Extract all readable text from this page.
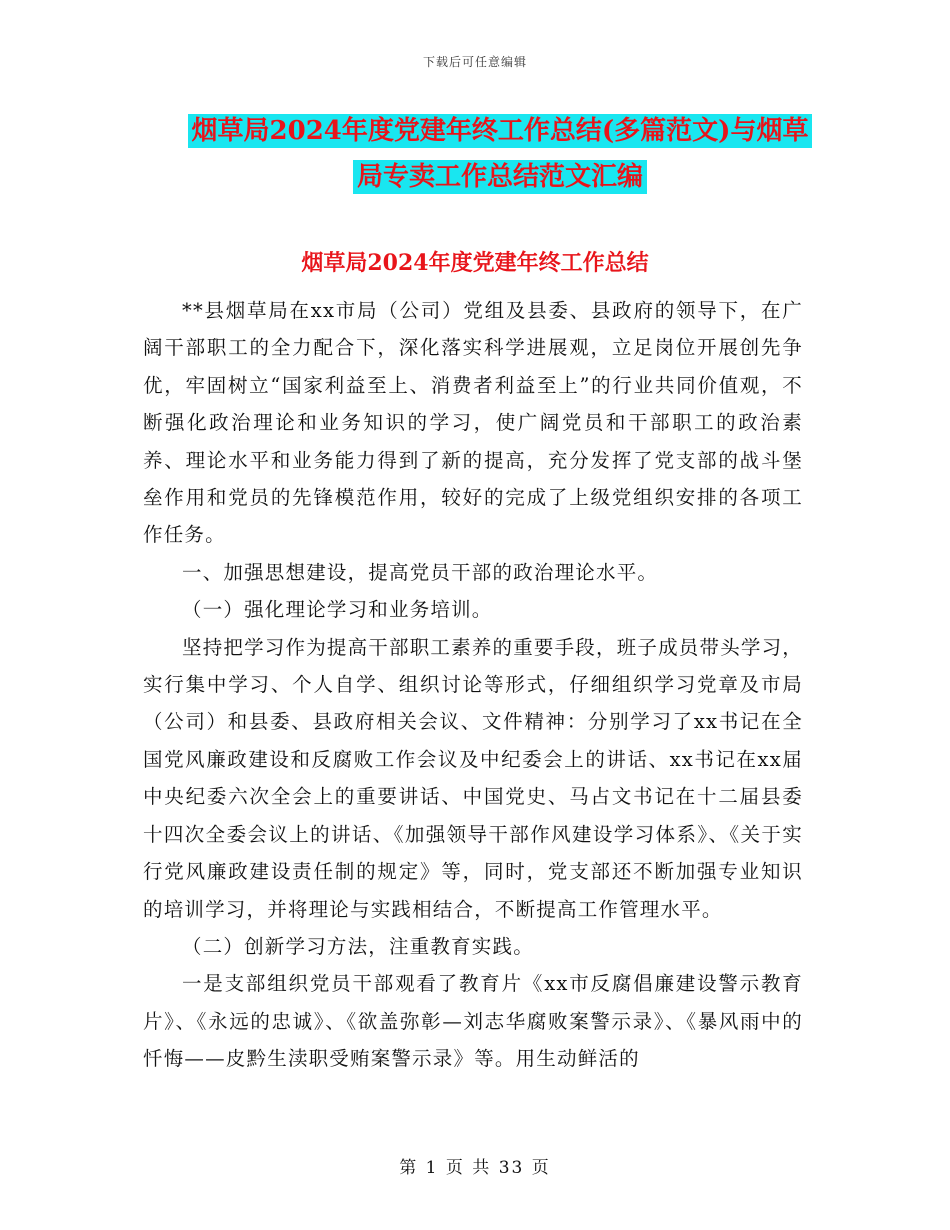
下载后可任意编辑
烟草局2024年度党建年终工作总结(多篇范文)与烟草
局专卖工作总结范文汇编
烟草局2024年度党建年终工作总结

**县烟草局在xx市局（公司）党组及县委、县政府的领导下，在广阔干部职工的全力配合下，深化落实科学进展观，立足岗位开展创先争优，牢固树立“国家利益至上、消费者利益至上”的行业共同价值观，不断强化政治理论和业务知识的学习，使广阔党员和干部职工的政治素养、理论水平和业务能力得到了新的提高，充分发挥了党支部的战斗堡垒作用和党员的先锋模范作用，较好的完成了上级党组织安排的各项工作任务。

一、加强思想建设，提高党员干部的政治理论水平。

（一）强化理论学习和业务培训。

坚持把学习作为提高干部职工素养的重要手段，班子成员带头学习，实行集中学习、个人自学、组织讨论等形式，仔细组织学习党章及市局（公司）和县委、县政府相关会议、文件精神：分别学习了xx书记在全国党风廉政建设和反腐败工作会议及中纪委会上的讲话、xx书记在xx届中央纪委六次全会上的重要讲话、中国党史、马占文书记在十二届县委十四次全委会议上的讲话、《加强领导干部作风建设学习体系》、《关于实行党风廉政建设责任制的规定》等，同时，党支部还不断加强专业知识的培训学习，并将理论与实践相结合，不断提高工作管理水平。

（二）创新学习方法，注重教育实践。

一是支部组织党员干部观看了教育片《xx市反腐倡廉建设警示教育片》、《永远的忠诚》、《欲盖弥彰—刘志华腐败案警示录》、《暴风雨中的忏悔——皮黔生渎职受贿案警示录》等。用生动鲜活的

第 1 页 共 33 页
